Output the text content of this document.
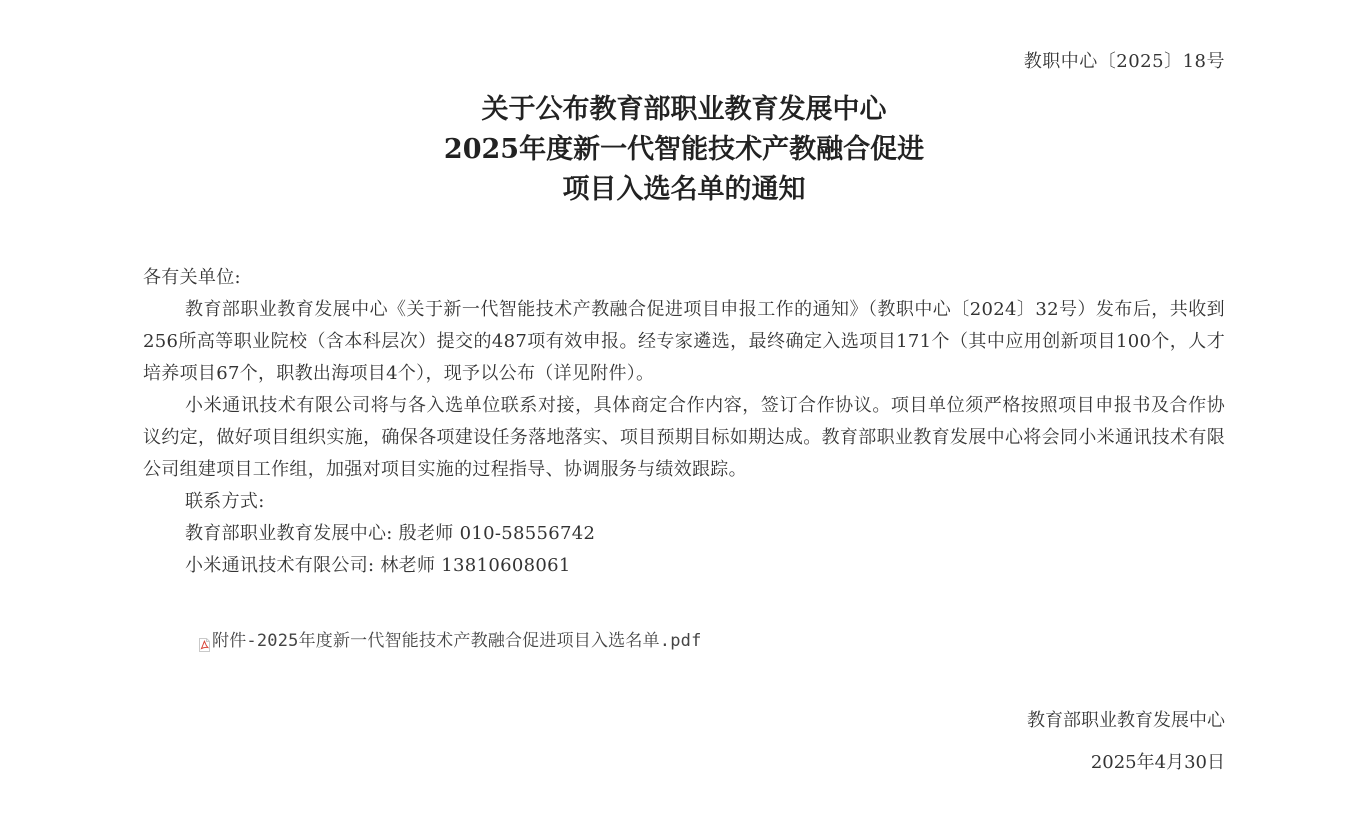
教职中心〔2025〕18号
关于公布教育部职业教育发展中心
2025年度新一代智能技术产教融合促进
项目入选名单的通知

各有关单位:

教育部职业教育发展中心《关于新一代智能技术产教融合促进项目申报工作的通知》（教职中心〔2024〕32号）发布后，共收到256所高等职业院校（含本科层次）提交的487项有效申报。经专家遴选，最终确定入选项目171个（其中应用创新项目100个，人才培养项目67个，职教出海项目4个），现予以公布（详见附件）。

小米通讯技术有限公司将与各入选单位联系对接，具体商定合作内容，签订合作协议。项目单位须严格按照项目申报书及合作协议约定，做好项目组织实施，确保各项建设任务落地落实、项目预期目标如期达成。教育部职业教育发展中心将会同小米通讯技术有限公司组建项目工作组，加强对项目实施的过程指导、协调服务与绩效跟踪。

联系方式:

教育部职业教育发展中心: 殷老师 010-58556742

小米通讯技术有限公司: 林老师 13810608061

附件-2025年度新一代智能技术产教融合促进项目入选名单.pdf
教育部职业教育发展中心
2025年4月30日
